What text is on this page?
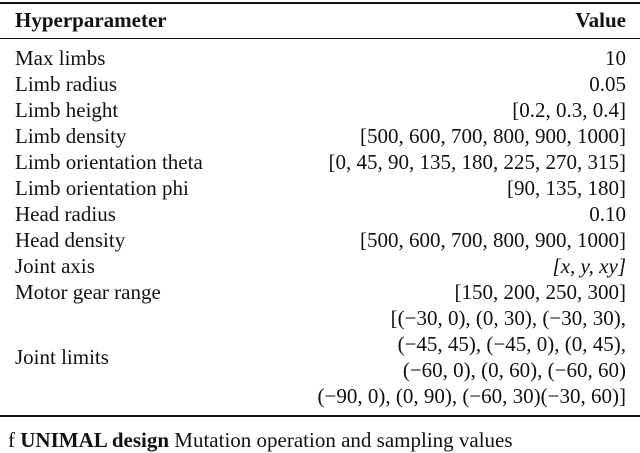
Hyperparameter	Value
Max limbs	10
Limb radius	0.05
Limb height	[0.2, 0.3, 0.4]
Limb density	[500, 600, 700, 800, 900, 1000]
Limb orientation theta	[0, 45, 90, 135, 180, 225, 270, 315]
Limb orientation phi	[90, 135, 180]
Head radius	0.10
Head density	[500, 600, 700, 800, 900, 1000]
Joint axis	[x, y, xy]
Motor gear range	[150, 200, 250, 300]
Joint limits
[(−30, 0), (0, 30), (−30, 30),
(−45, 45), (−45, 0), (0, 45),
(−60, 0), (0, 60), (−60, 60)
(−90, 0), (0, 90), (−60, 30)(−30, 60)]
f UNIMAL design Mutation operation and sampling values
